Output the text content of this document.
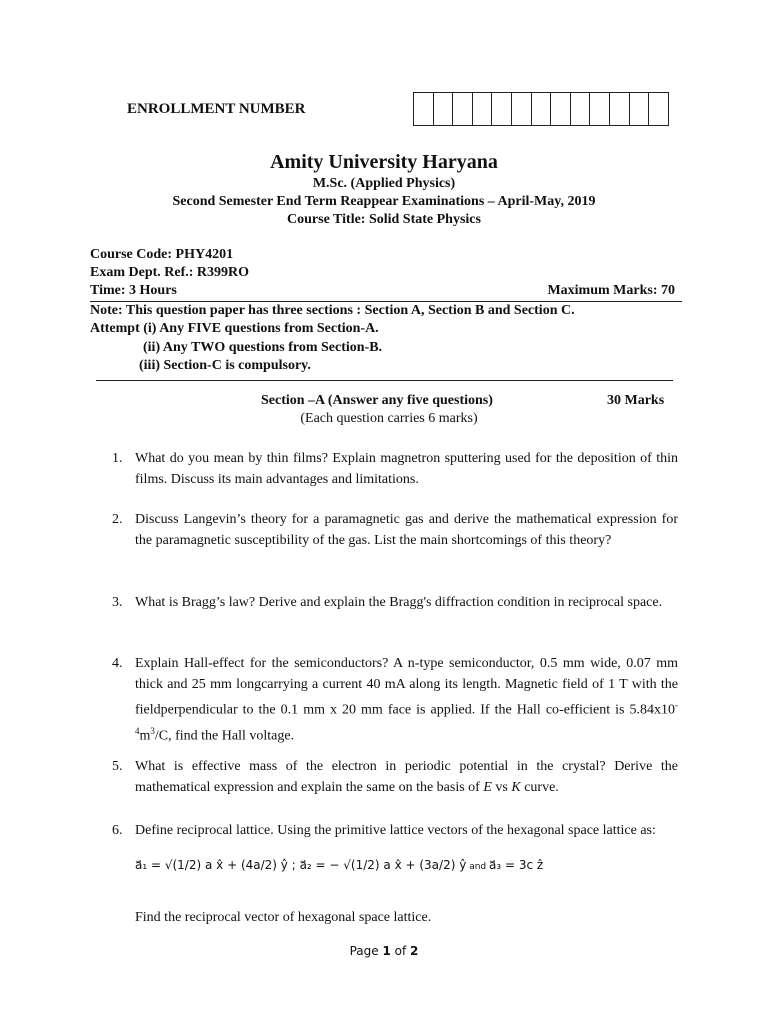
ENROLLMENT NUMBER
Amity University Haryana
M.Sc. (Applied Physics)
Second Semester End Term Reappear Examinations – April-May, 2019
Course Title: Solid State Physics
Course Code: PHY4201
Exam Dept. Ref.: R399RO
Time: 3 Hours	Maximum Marks: 70
Note: This question paper has three sections : Section A, Section B and Section C.
Attempt (i) Any FIVE questions from Section-A.
(ii) Any TWO questions from Section-B.
(iii) Section-C is compulsory.
Section –A (Answer any five questions)	30 Marks
(Each question carries 6 marks)
1. What do you mean by thin films? Explain magnetron sputtering used for the deposition of thin films. Discuss its main advantages and limitations.
2. Discuss Langevin’s theory for a paramagnetic gas and derive the mathematical expression for the paramagnetic susceptibility of the gas. List the main shortcomings of this theory?
3. What is Bragg’s law? Derive and explain the Bragg's diffraction condition in reciprocal space.
4. Explain Hall-effect for the semiconductors? A n-type semiconductor, 0.5 mm wide, 0.07 mm thick and 25 mm longcarrying a current 40 mA along its length. Magnetic field of 1 T with the fieldperpendicular to the 0.1 mm x 20 mm face is applied. If the Hall co-efficient is $5.84x10^{-4}m^3/C$, find the Hall voltage.
5. What is effective mass of the electron in periodic potential in the crystal? Derive the mathematical expression and explain the same on the basis of E vs K curve.
6. Define reciprocal lattice. Using the primitive lattice vectors of the hexagonal space lattice as:
a⃗₁ = √(1/2) a x̂ + (4a/2) ŷ ; a⃗₂ = − √(1/2) a x̂ + (3a/2) ŷ and a⃗₃ = 3c ẑ
Find the reciprocal vector of hexagonal space lattice.
Page 1 of 2
